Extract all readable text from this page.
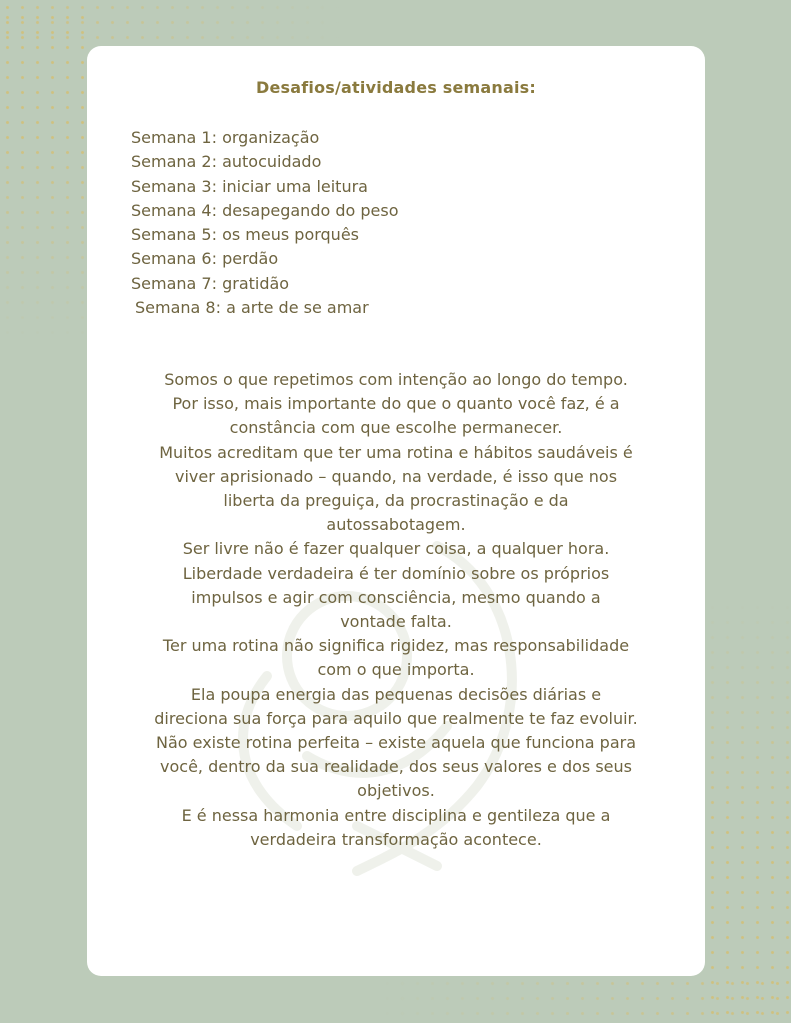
Desafios/atividades semanais:
Semana 1: organização
Semana 2: autocuidado
Semana 3: iniciar uma leitura
Semana 4: desapegando do peso
Semana 5: os meus porquês
Semana 6: perdão
Semana 7: gratidão
Semana 8: a arte de se amar
Somos o que repetimos com intenção ao longo do tempo.
Por isso, mais importante do que o quanto você faz, é a
constância com que escolhe permanecer.
Muitos acreditam que ter uma rotina e hábitos saudáveis é
viver aprisionado – quando, na verdade, é isso que nos
liberta da preguiça, da procrastinação e da
autossabotagem.
Ser livre não é fazer qualquer coisa, a qualquer hora.
Liberdade verdadeira é ter domínio sobre os próprios
impulsos e agir com consciência, mesmo quando a
vontade falta.
Ter uma rotina não significa rigidez, mas responsabilidade
com o que importa.
Ela poupa energia das pequenas decisões diárias e
direciona sua força para aquilo que realmente te faz evoluir.
Não existe rotina perfeita – existe aquela que funciona para
você, dentro da sua realidade, dos seus valores e dos seus
objetivos.
E é nessa harmonia entre disciplina e gentileza que a
verdadeira transformação acontece.
